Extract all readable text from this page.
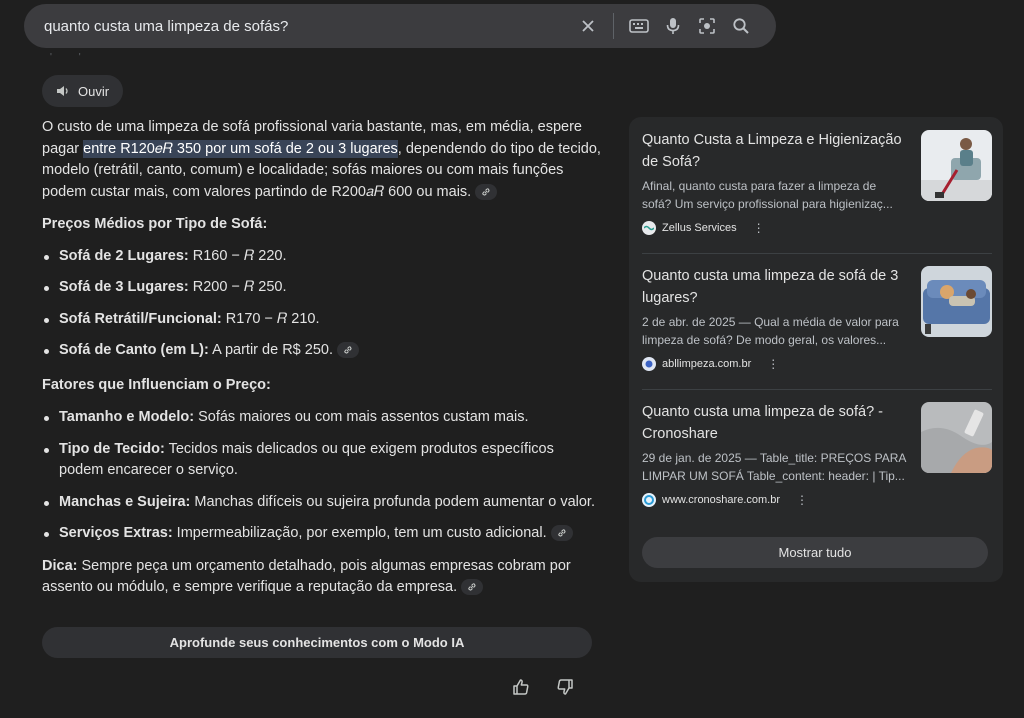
quanto custa uma limpeza de sofás?
' '
Ouvir

O custo de uma limpeza de sofá profissional varia bastante, mas, em média, espere pagar entre R120𝑒𝑅 350 por um sofá de 2 ou 3 lugares, dependendo do tipo de tecido, modelo (retrátil, canto, comum) e localidade; sofás maiores ou com mais funções podem custar mais, com valores partindo de R200𝑎𝑅 600 ou mais.

Preços Médios por Tipo de Sofá:

Sofá de 2 Lugares: R160 − 𝑅 220.
Sofá de 3 Lugares: R200 − 𝑅 250.
Sofá Retrátil/Funcional: R170 − 𝑅 210.
Sofá de Canto (em L): A partir de R$ 250.

Fatores que Influenciam o Preço:

Tamanho e Modelo: Sofás maiores ou com mais assentos custam mais.
Tipo de Tecido: Tecidos mais delicados ou que exigem produtos específicos podem encarecer o serviço.
Manchas e Sujeira: Manchas difíceis ou sujeira profunda podem aumentar o valor.
Serviços Extras: Impermeabilização, por exemplo, tem um custo adicional.

Dica: Sempre peça um orçamento detalhado, pois algumas empresas cobram por assento ou módulo, e sempre verifique a reputação da empresa.

Aprofunde seus conhecimentos com o Modo IA
Quanto Custa a Limpeza e Higienização de Sofá?
Afinal, quanto custa para fazer a limpeza de
sofá? Um serviço profissional para higienizaç...
Zellus Services ⋮
Quanto custa uma limpeza de sofá de 3 lugares?
2 de abr. de 2025 — Qual a média de valor para
limpeza de sofá? De modo geral, os valores...
abllimpeza.com.br ⋮
Quanto custa uma limpeza de sofá? - Cronoshare
29 de jan. de 2025 — Table_title: PREÇOS PARA
LIMPAR UM SOFÁ Table_content: header: | Tip...
www.cronoshare.com.br ⋮
Mostrar tudo
